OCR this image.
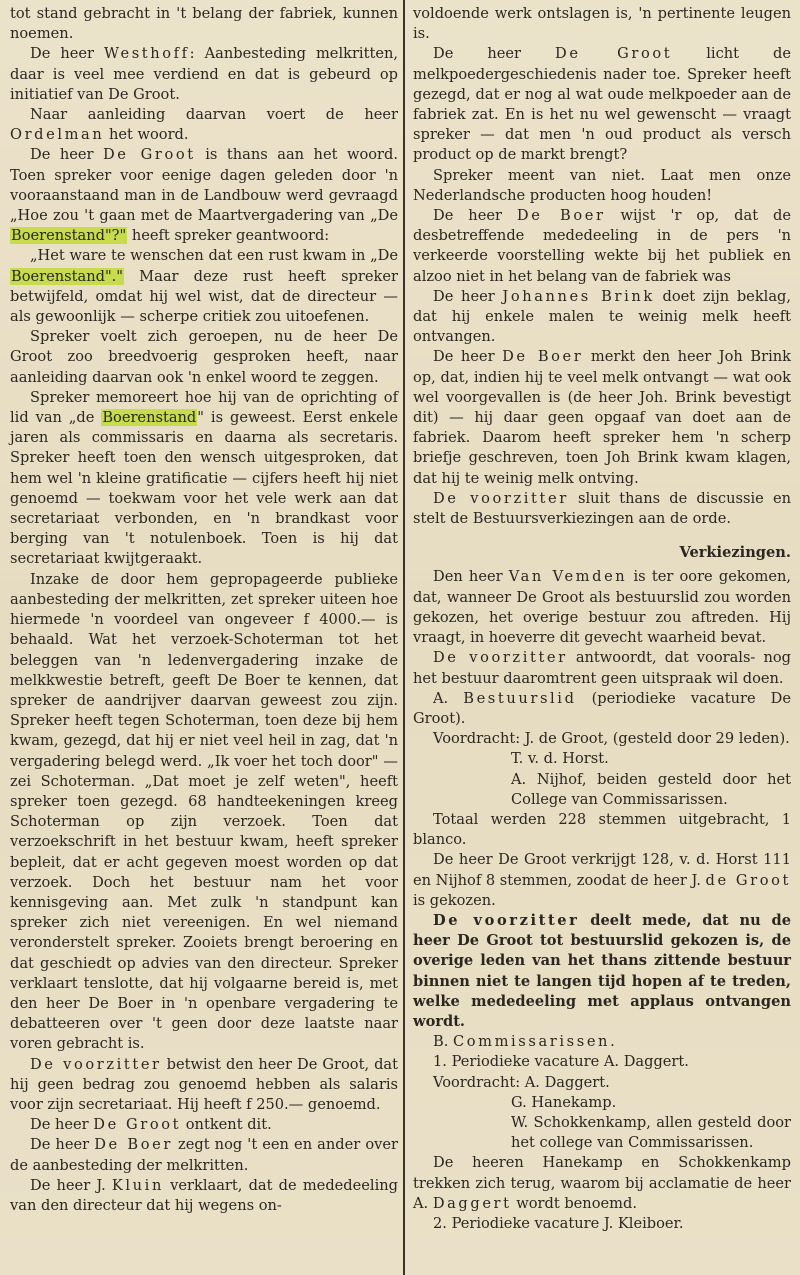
tot stand gebracht in 't belang der fabriek, kunnen noemen.

De heer Westhoff: Aanbesteding melkritten, daar is veel mee verdiend en dat is gebeurd op initiatief van De Groot.

Naar aanleiding daarvan voert de heer Ordelman het woord.

De heer De Groot is thans aan het woord. Toen spreker voor eenige dagen geleden door 'n vooraanstaand man in de Landbouw werd gevraagd „Hoe zou 't gaan met de Maartvergadering van „De Boerenstand"?" heeft spreker geantwoord:

„Het ware te wenschen dat een rust kwam in „De Boerenstand"." Maar deze rust heeft spreker betwijfeld, omdat hij wel wist, dat de directeur — als gewoonlijk — scherpe critiek zou uitoefenen.

Spreker voelt zich geroepen, nu de heer De Groot zoo breedvoerig gesproken heeft, naar aanleiding daarvan ook 'n enkel woord te zeggen.

Spreker memoreert hoe hij van de oprichting of lid van „de Boerenstand" is geweest. Eerst enkele jaren als commissaris en daarna als secretaris. Spreker heeft toen den wensch uitgesproken, dat hem wel 'n kleine gratificatie — cijfers heeft hij niet genoemd — toekwam voor het vele werk aan dat secretariaat verbonden, en 'n brandkast voor berging van 't notulenboek. Toen is hij dat secretariaat kwijtgeraakt.

Inzake de door hem gepropageerde publieke aanbesteding der melkritten, zet spreker uiteen hoe hiermede 'n voordeel van ongeveer f 4000.— is behaald. Wat het verzoek-Schoterman tot het beleggen van 'n ledenvergadering inzake de melkkwestie betreft, geeft De Boer te kennen, dat spreker de aandrijver daarvan geweest zou zijn. Spreker heeft tegen Schoterman, toen deze bij hem kwam, gezegd, dat hij er niet veel heil in zag, dat 'n vergadering belegd werd. „Ik voer het toch door" — zei Schoterman. „Dat moet je zelf weten", heeft spreker toen gezegd. 68 handteekeningen kreeg Schoterman op zijn verzoek. Toen dat verzoekschrift in het bestuur kwam, heeft spreker bepleit, dat er acht gegeven moest worden op dat verzoek. Doch het bestuur nam het voor kennisgeving aan. Met zulk 'n standpunt kan spreker zich niet vereenigen. En wel niemand veronderstelt spreker. Zooiets brengt beroering en dat geschiedt op advies van den directeur. Spreker verklaart tenslotte, dat hij volgaarne bereid is, met den heer De Boer in 'n openbare vergadering te debatteeren over 't geen door deze laatste naar voren gebracht is.

De voorzitter betwist den heer De Groot, dat hij geen bedrag zou genoemd hebben als salaris voor zijn secretariaat. Hij heeft f 250.— genoemd.

De heer De Groot ontkent dit.

De heer De Boer zegt nog 't een en ander over de aanbesteding der melkritten.

De heer J. Kluin verklaart, dat de mededeeling van den directeur dat hij wegens on-

voldoende werk ontslagen is, 'n pertinente leugen is.

De heer De Groot licht de melkpoedergeschiedenis nader toe. Spreker heeft gezegd, dat er nog al wat oude melkpoeder aan de fabriek zat. En is het nu wel gewenscht — vraagt spreker — dat men 'n oud product als versch product op de markt brengt?

Spreker meent van niet. Laat men onze Nederlandsche producten hoog houden!

De heer De Boer wijst 'r op, dat de desbetreffende mededeeling in de pers 'n verkeerde voorstelling wekte bij het publiek en alzoo niet in het belang van de fabriek was

De heer Johannes Brink doet zijn beklag, dat hij enkele malen te weinig melk heeft ontvangen.

De heer De Boer merkt den heer Joh Brink op, dat, indien hij te veel melk ontvangt — wat ook wel voorgevallen is (de heer Joh. Brink bevestigt dit) — hij daar geen opgaaf van doet aan de fabriek. Daarom heeft spreker hem 'n scherp briefje geschreven, toen Joh Brink kwam klagen, dat hij te weinig melk ontving.

De voorzitter sluit thans de discussie en stelt de Bestuursverkiezingen aan de orde.

Verkiezingen.

Den heer Van Vemden is ter oore gekomen, dat, wanneer De Groot als bestuurslid zou worden gekozen, het overige bestuur zou aftreden. Hij vraagt, in hoeverre dit gevecht waarheid bevat.

De voorzitter antwoordt, dat voorals- nog het bestuur daaromtrent geen uitspraak wil doen.

A. Bestuurslid (periodieke vacature De Groot).

Voordracht: J. de Groot, (gesteld door 29 leden).

T. v. d. Horst.

A. Nijhof, beiden gesteld door het College van Commissarissen.

Totaal werden 228 stemmen uitgebracht, 1 blanco.

De heer De Groot verkrijgt 128, v. d. Horst 111 en Nijhof 8 stemmen, zoodat de heer J. de Groot is gekozen.

De voorzitter deelt mede, dat nu de heer De Groot tot bestuurslid gekozen is, de overige leden van het thans zittende bestuur binnen niet te langen tijd hopen af te treden, welke mededeeling met applaus ontvangen wordt.

B. Commissarissen.

1. Periodieke vacature A. Daggert.

Voordracht: A. Daggert.

G. Hanekamp.

W. Schokkenkamp, allen gesteld door het college van Commissarissen.

De heeren Hanekamp en Schokkenkamp trekken zich terug, waarom bij acclamatie de heer A. Daggert wordt benoemd.

2. Periodieke vacature J. Kleiboer.
